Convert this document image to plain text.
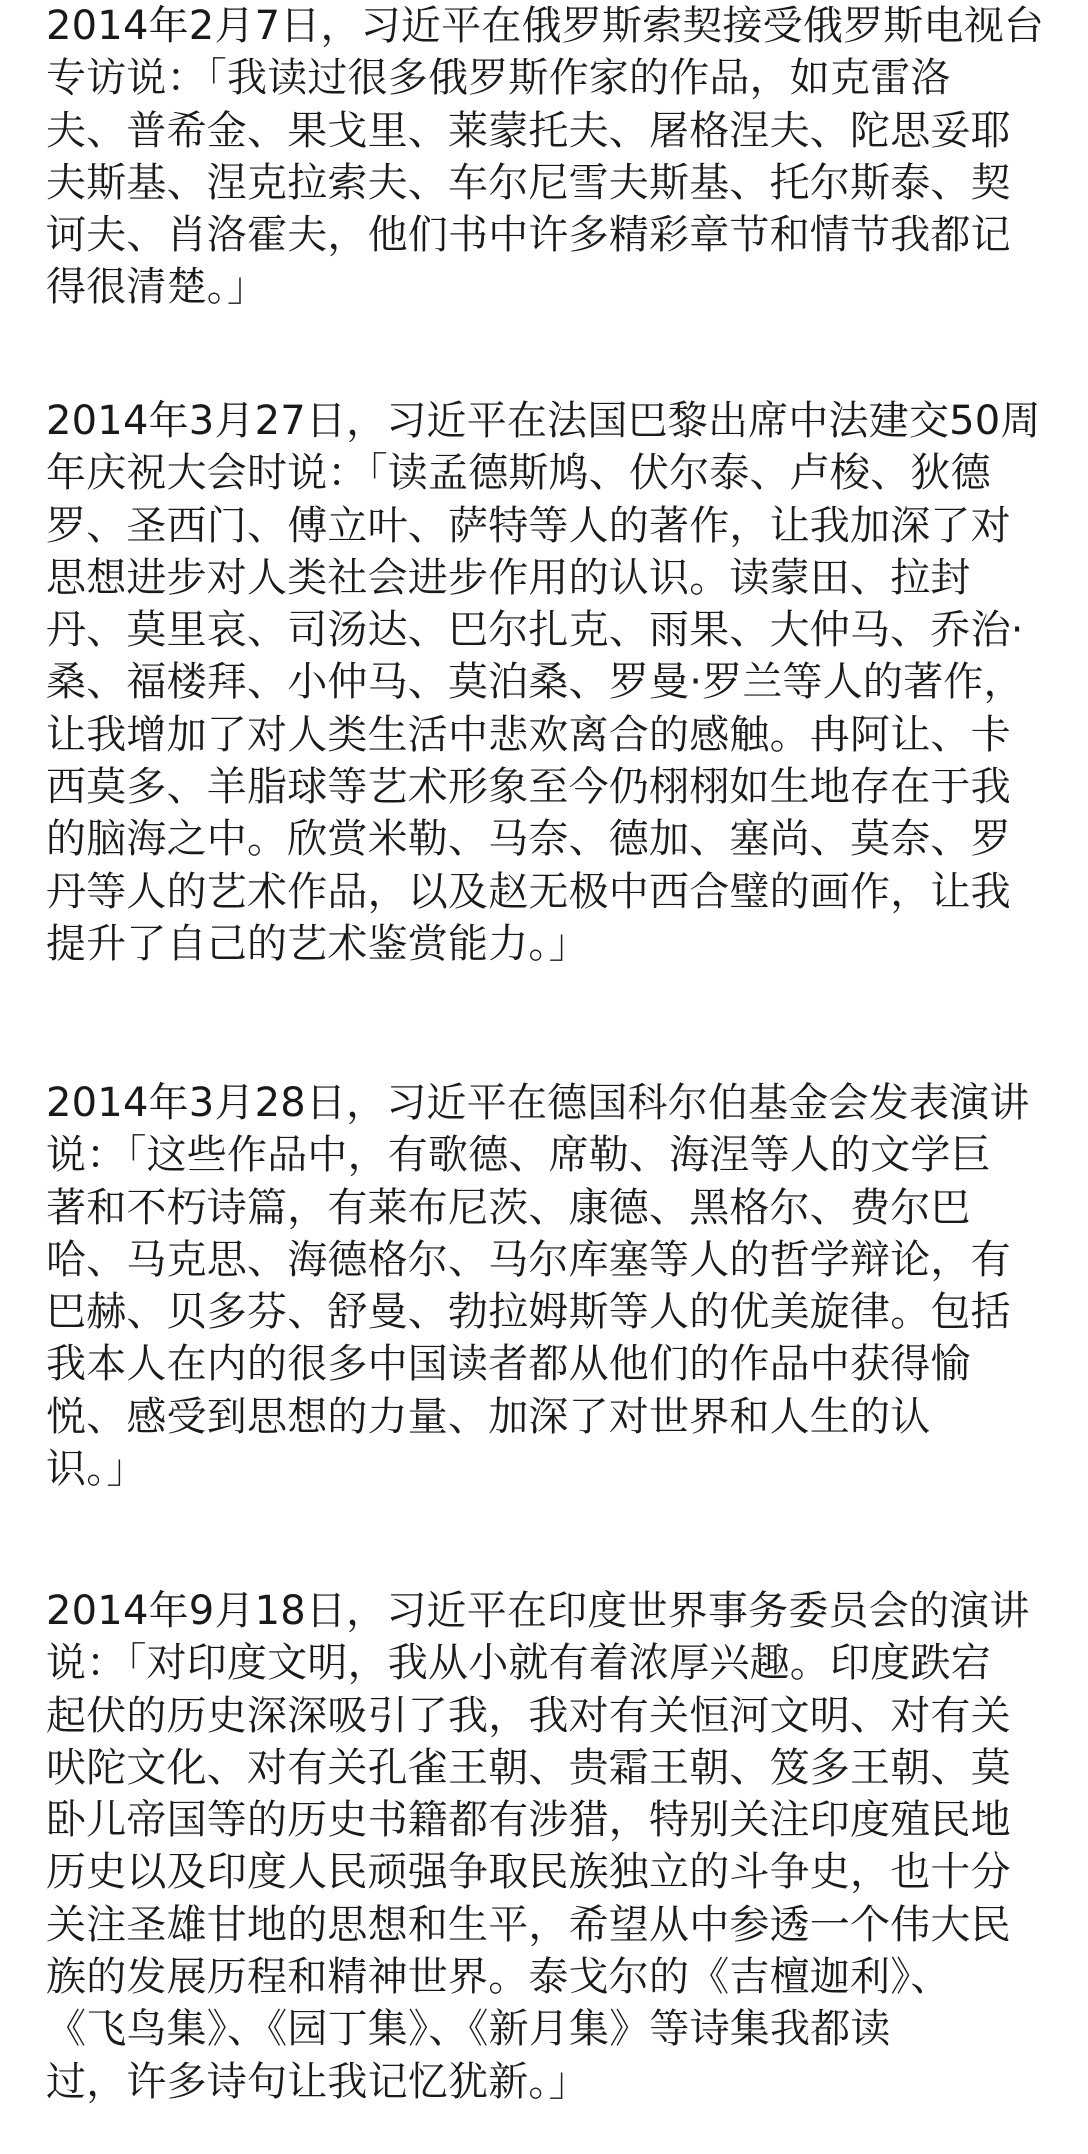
2014年2月7日，习近平在俄罗斯索契接受俄罗斯电视台
专访说：「我读过很多俄罗斯作家的作品，如克雷洛
夫、普希金、果戈里、莱蒙托夫、屠格涅夫、陀思妥耶
夫斯基、涅克拉索夫、车尔尼雪夫斯基、托尔斯泰、契
诃夫、肖洛霍夫，他们书中许多精彩章节和情节我都记
得很清楚。」
2014年3月27日，习近平在法国巴黎出席中法建交50周
年庆祝大会时说：「读孟德斯鸠、伏尔泰、卢梭、狄德
罗、圣西门、傅立叶、萨特等人的著作，让我加深了对
思想进步对人类社会进步作用的认识。读蒙田、拉封
丹、莫里哀、司汤达、巴尔扎克、雨果、大仲马、乔治·
桑、福楼拜、小仲马、莫泊桑、罗曼·罗兰等人的著作，
让我增加了对人类生活中悲欢离合的感触。冉阿让、卡
西莫多、羊脂球等艺术形象至今仍栩栩如生地存在于我
的脑海之中。欣赏米勒、马奈、德加、塞尚、莫奈、罗
丹等人的艺术作品，以及赵无极中西合璧的画作，让我
提升了自己的艺术鉴赏能力。」
2014年3月28日，习近平在德国科尔伯基金会发表演讲
说：「这些作品中，有歌德、席勒、海涅等人的文学巨
著和不朽诗篇，有莱布尼茨、康德、黑格尔、费尔巴
哈、马克思、海德格尔、马尔库塞等人的哲学辩论，有
巴赫、贝多芬、舒曼、勃拉姆斯等人的优美旋律。包括
我本人在内的很多中国读者都从他们的作品中获得愉
悦、感受到思想的力量、加深了对世界和人生的认
识。」
2014年9月18日，习近平在印度世界事务委员会的演讲
说：「对印度文明，我从小就有着浓厚兴趣。印度跌宕
起伏的历史深深吸引了我，我对有关恒河文明、对有关
吠陀文化、对有关孔雀王朝、贵霜王朝、笈多王朝、莫
卧儿帝国等的历史书籍都有涉猎，特别关注印度殖民地
历史以及印度人民顽强争取民族独立的斗争史，也十分
关注圣雄甘地的思想和生平，希望从中参透一个伟大民
族的发展历程和精神世界。泰戈尔的《吉檀迦利》、
《飞鸟集》、《园丁集》、《新月集》等诗集我都读
过，许多诗句让我记忆犹新。」
